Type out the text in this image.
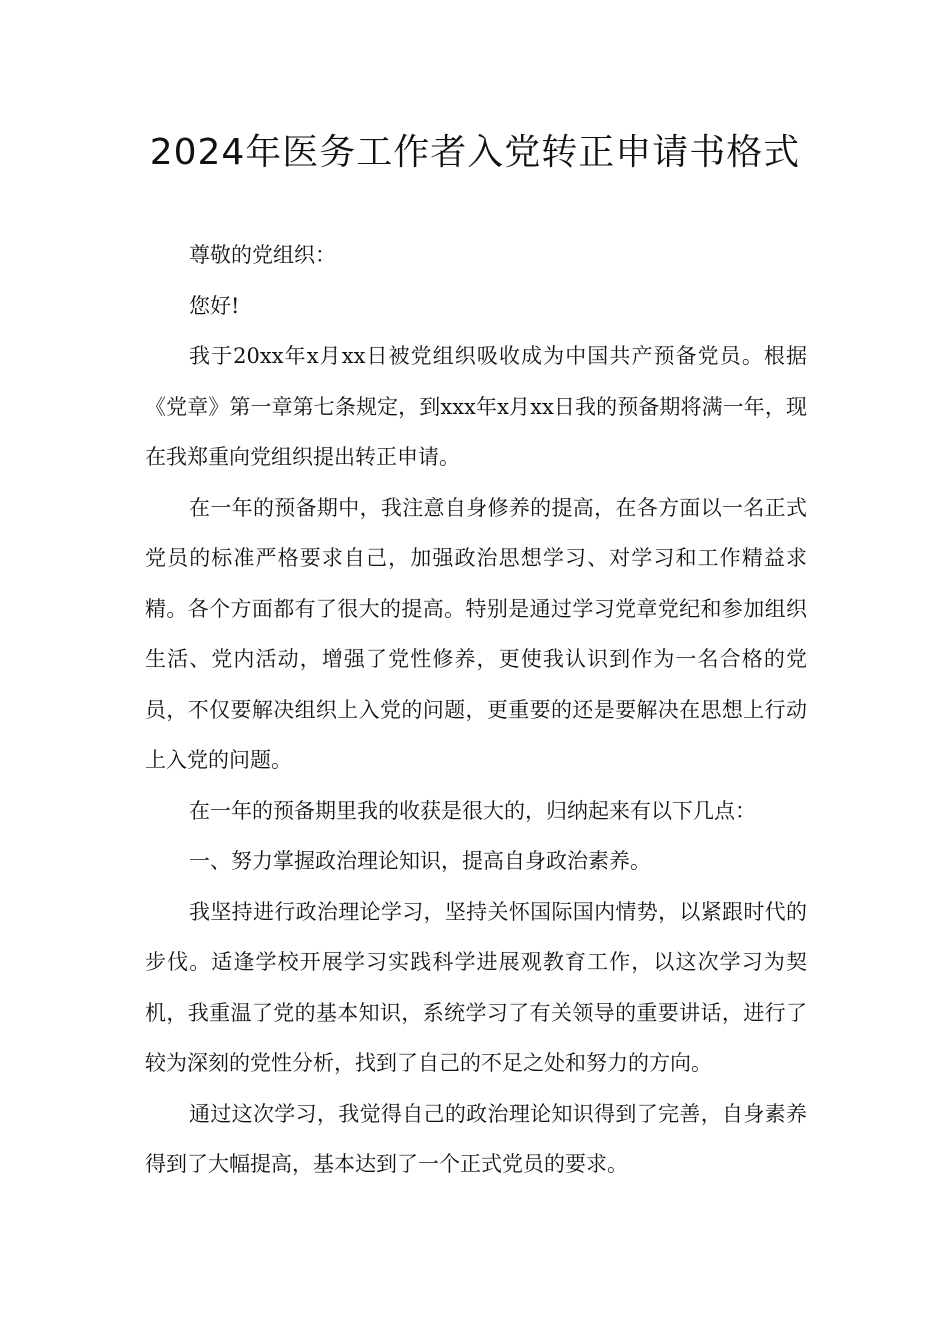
2024年医务工作者入党转正申请书格式

尊敬的党组织：

您好!

我于20xx年x月xx日被党组织吸收成为中国共产预备党员。根据《党章》第一章第七条规定，到xxx年x月xx日我的预备期将满一年，现在我郑重向党组织提出转正申请。

在一年的预备期中，我注意自身修养的提高，在各方面以一名正式党员的标准严格要求自己，加强政治思想学习、对学习和工作精益求精。各个方面都有了很大的提高。特别是通过学习党章党纪和参加组织生活、党内活动，增强了党性修养，更使我认识到作为一名合格的党员，不仅要解决组织上入党的问题，更重要的还是要解决在思想上行动上入党的问题。

在一年的预备期里我的收获是很大的，归纳起来有以下几点：

一、努力掌握政治理论知识，提高自身政治素养。

我坚持进行政治理论学习，坚持关怀国际国内情势，以紧跟时代的步伐。适逢学校开展学习实践科学进展观教育工作，以这次学习为契机，我重温了党的基本知识，系统学习了有关领导的重要讲话，进行了较为深刻的党性分析，找到了自己的不足之处和努力的方向。

通过这次学习，我觉得自己的政治理论知识得到了完善，自身素养得到了大幅提高，基本达到了一个正式党员的要求。
